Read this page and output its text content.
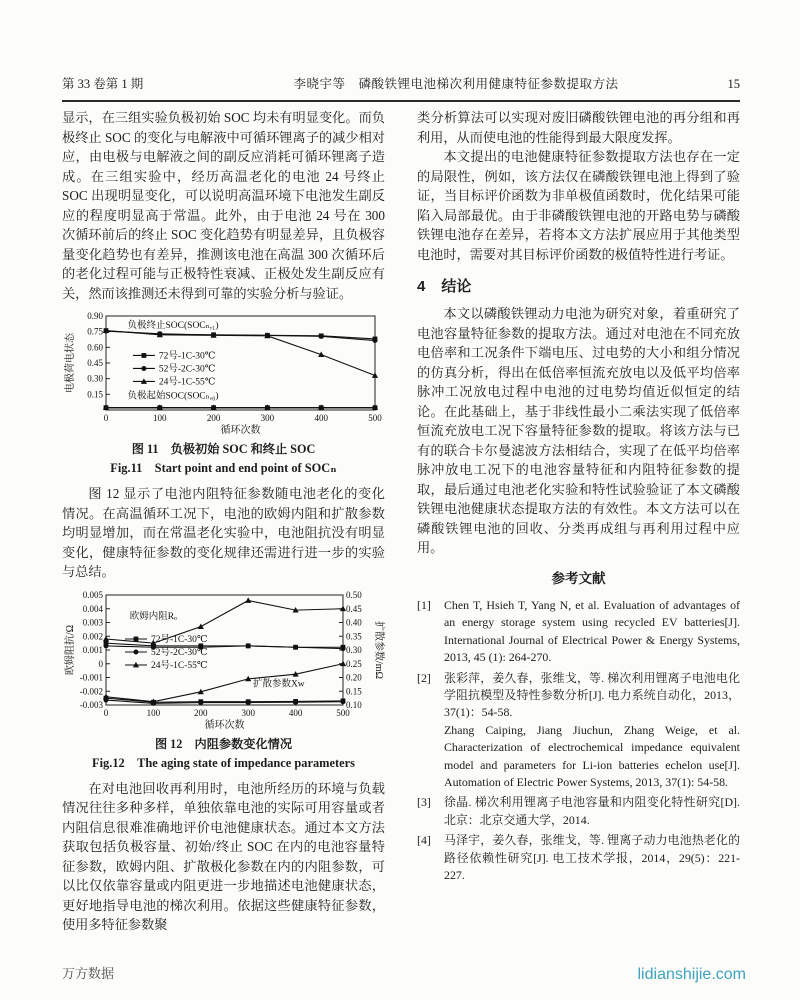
第 33 卷第 1 期	李晓宇等　磷酸铁锂电池梯次利用健康特征参数提取方法	15

显示，在三组实验负极初始 SOC 均未有明显变化。而负极终止 SOC 的变化与电解液中可循环锂离子的减少相对应，由电极与电解液之间的副反应消耗可循环锂离子造成。在三组实验中，经历高温老化的电池 24 号终止 SOC 出现明显变化，可以说明高温环境下电池发生副反应的程度明显高于常温。此外，由于电池 24 号在 300 次循环前后的终止 SOC 变化趋势有明显差异，且负极容量变化趋势也有差异，推测该电池在高温 300 次循环后的老化过程可能与正极特性衰减、正极处发生副反应有关，然而该推测还未得到可靠的实验分析与验证。

0	100	200	300	400	500
循环次数
0.15
0.30
0.45
0.60
0.75
0.90
电极荷电状态
负极终止SOC(SOCₙ,₁)
负极起始SOC(SOCₙ,₀)
72号-1C-30℃
52号-2C-30℃
24号-1C-55℃
图 11　负极初始 SOC 和终止 SOC
Fig.11　Start point and end point of SOCₙ

图 12 显示了电池内阻特征参数随电池老化的变化情况。在高温循环工况下，电池的欧姆内阻和扩散参数均明显增加，而在常温老化实验中，电池阻抗没有明显变化，健康特征参数的变化规律还需进行进一步的实验与总结。

0	100	200	300	400	500
循环次数
-0.003
-0.002
-0.001
0
0.001
0.002
0.003
0.004
0.005
欧姆阻抗/Ω
0.10
0.15
0.20
0.25
0.30
0.35
0.40
0.45
0.50
扩散参数/mΩ
欧姆内阻Rₒ
扩散参数Xw
72号-1C-30℃
52号-2C-30℃
24号-1C-55℃
图 12　内阻参数变化情况
Fig.12　The aging state of impedance parameters

在对电池回收再利用时，电池所经历的环境与负载情况往往多种多样，单独依靠电池的实际可用容量或者内阻信息很难准确地评价电池健康状态。通过本文方法获取包括负极容量、初始/终止 SOC 在内的电池容量特征参数，欧姆内阻、扩散极化参数在内的内阻参数，可以比仅依靠容量或内阻更进一步地描述电池健康状态，更好地指导电池的梯次利用。依据这些健康特征参数，使用多特征参数聚

类分析算法可以实现对废旧磷酸铁锂电池的再分组和再利用，从而使电池的性能得到最大限度发挥。

本文提出的电池健康特征参数提取方法也存在一定的局限性，例如，该方法仅在磷酸铁锂电池上得到了验证，当目标评价函数为非单极值函数时，优化结果可能陷入局部最优。由于非磷酸铁锂电池的开路电势与磷酸铁锂电池存在差异，若将本文方法扩展应用于其他类型电池时，需要对其目标评价函数的极值特性进行考证。

4 结论

本文以磷酸铁锂动力电池为研究对象，着重研究了电池容量特征参数的提取方法。通过对电池在不同充放电倍率和工况条件下端电压、过电势的大小和组分情况的仿真分析，得出在低倍率恒流充放电以及低平均倍率脉冲工况放电过程中电池的过电势均值近似恒定的结论。在此基础上，基于非线性最小二乘法实现了低倍率恒流充放电工况下容量特征参数的提取。将该方法与已有的联合卡尔曼滤波方法相结合，实现了在低平均倍率脉冲放电工况下的电池容量特征和内阻特征参数的提取，最后通过电池老化实验和特性试验验证了本文磷酸铁锂电池健康状态提取方法的有效性。本文方法可以在磷酸铁锂电池的回收、分类再成组与再利用过程中应用。

参考文献
[1]	Chen T, Hsieh T, Yang N, et al. Evaluation of advantages of an energy storage system using recycled EV batteries[J]. International Journal of Electrical Power & Energy Systems, 2013, 45 (1): 264-270.
[2]	张彩萍，姜久春，张维戈，等. 梯次利用锂离子电池电化学阻抗模型及特性参数分析[J]. 电力系统自动化，2013，37(1)：54-58.
Zhang Caiping, Jiang Jiuchun, Zhang Weige, et al. Characterization of electrochemical impedance equivalent model and parameters for Li-ion batteries echelon use[J]. Automation of Electric Power Systems, 2013, 37(1): 54-58.
[3]	徐晶. 梯次利用锂离子电池容量和内阻变化特性研究[D]. 北京：北京交通大学，2014.
[4]	马泽宇，姜久春，张维戈，等. 锂离子动力电池热老化的路径依赖性研究[J]. 电工技术学报，2014，29(5)：221-227.
万方数据	lidianshijie.com
